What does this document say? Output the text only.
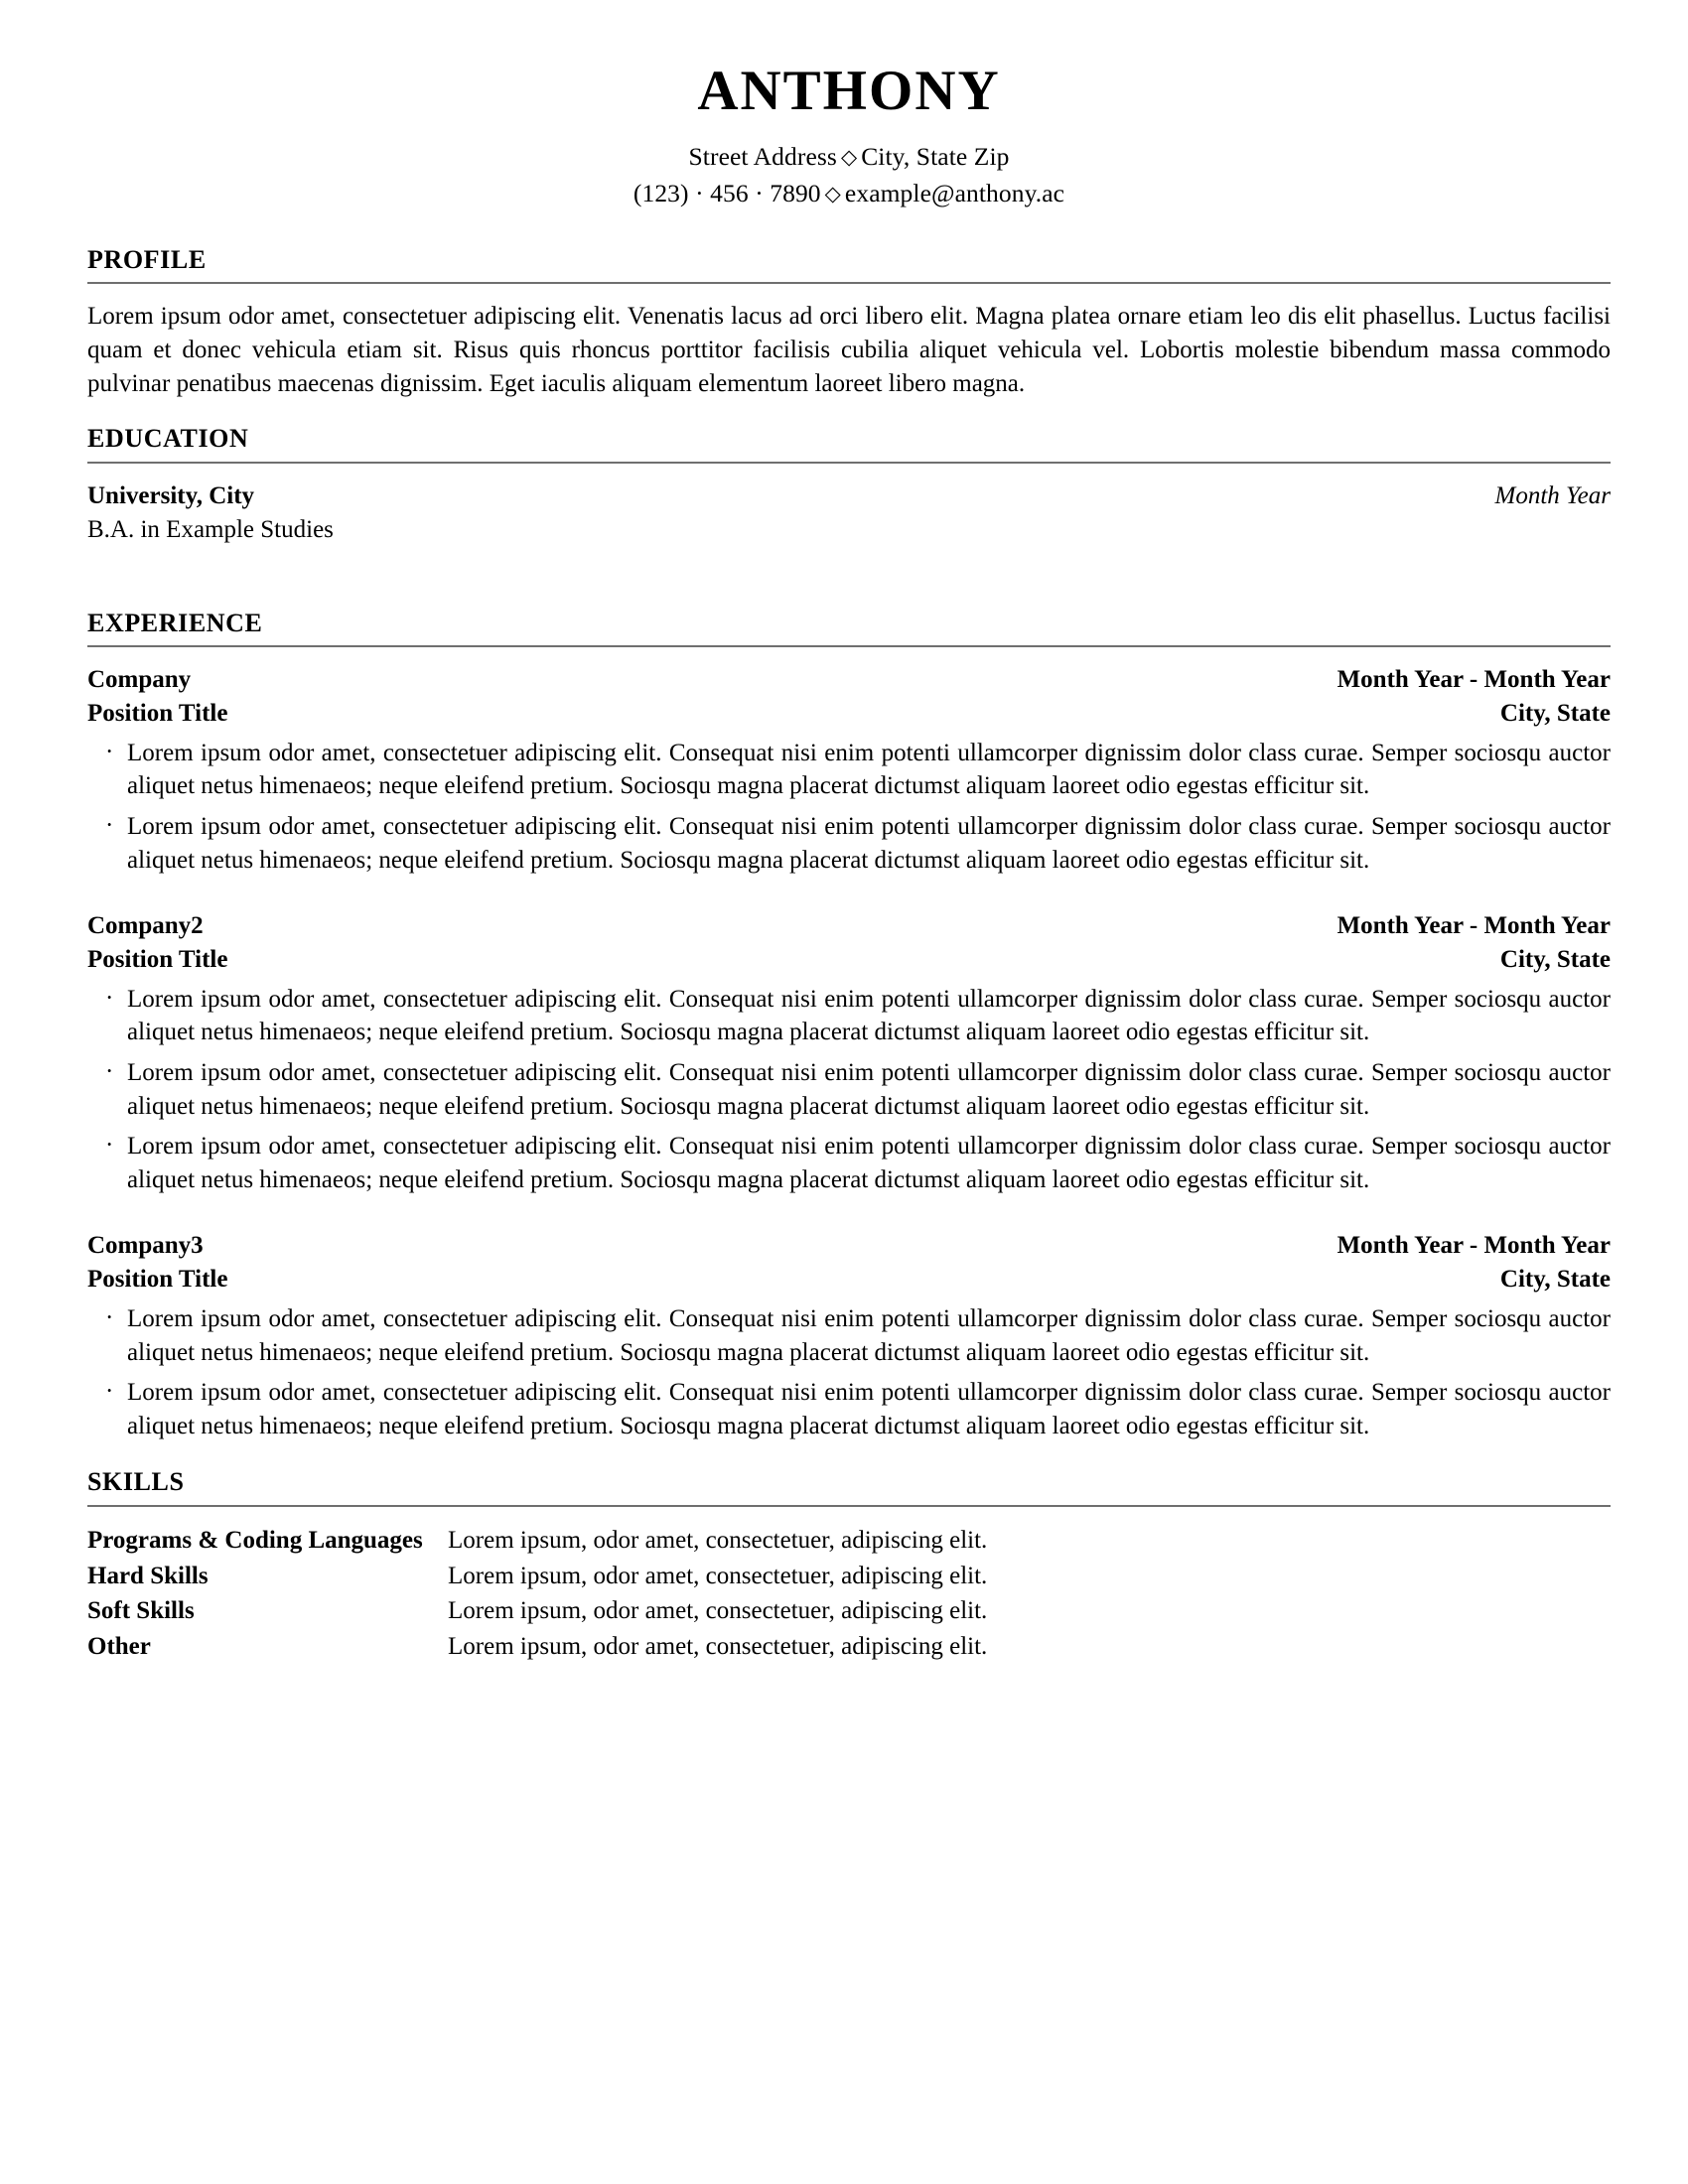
ANTHONY
Street Address ◇ City, State Zip
(123) · 456 · 7890 ◇ example@anthony.ac
PROFILE

Lorem ipsum odor amet, consectetuer adipiscing elit. Venenatis lacus ad orci libero elit. Magna platea ornare etiam leo dis elit phasellus. Luctus facilisi quam et donec vehicula etiam sit. Risus quis rhoncus porttitor facilisis cubilia aliquet vehicula vel. Lobortis molestie bibendum massa commodo pulvinar penatibus maecenas dignissim. Eget iaculis aliquam elementum laoreet libero magna.

EDUCATION
University, City	Month Year
B.A. in Example Studies
EXPERIENCE
Company	Month Year - Month Year
Position Title	City, State
· Lorem ipsum odor amet, consectetuer adipiscing elit. Consequat nisi enim potenti ullamcorper dignissim dolor class curae. Semper sociosqu auctor aliquet netus himenaeos; neque eleifend pretium. Sociosqu magna placerat dictumst aliquam laoreet odio egestas efficitur sit.
· Lorem ipsum odor amet, consectetuer adipiscing elit. Consequat nisi enim potenti ullamcorper dignissim dolor class curae. Semper sociosqu auctor aliquet netus himenaeos; neque eleifend pretium. Sociosqu magna placerat dictumst aliquam laoreet odio egestas efficitur sit.
Company2	Month Year - Month Year
Position Title	City, State
· Lorem ipsum odor amet, consectetuer adipiscing elit. Consequat nisi enim potenti ullamcorper dignissim dolor class curae. Semper sociosqu auctor aliquet netus himenaeos; neque eleifend pretium. Sociosqu magna placerat dictumst aliquam laoreet odio egestas efficitur sit.
· Lorem ipsum odor amet, consectetuer adipiscing elit. Consequat nisi enim potenti ullamcorper dignissim dolor class curae. Semper sociosqu auctor aliquet netus himenaeos; neque eleifend pretium. Sociosqu magna placerat dictumst aliquam laoreet odio egestas efficitur sit.
· Lorem ipsum odor amet, consectetuer adipiscing elit. Consequat nisi enim potenti ullamcorper dignissim dolor class curae. Semper sociosqu auctor aliquet netus himenaeos; neque eleifend pretium. Sociosqu magna placerat dictumst aliquam laoreet odio egestas efficitur sit.
Company3	Month Year - Month Year
Position Title	City, State
· Lorem ipsum odor amet, consectetuer adipiscing elit. Consequat nisi enim potenti ullamcorper dignissim dolor class curae. Semper sociosqu auctor aliquet netus himenaeos; neque eleifend pretium. Sociosqu magna placerat dictumst aliquam laoreet odio egestas efficitur sit.
· Lorem ipsum odor amet, consectetuer adipiscing elit. Consequat nisi enim potenti ullamcorper dignissim dolor class curae. Semper sociosqu auctor aliquet netus himenaeos; neque eleifend pretium. Sociosqu magna placerat dictumst aliquam laoreet odio egestas efficitur sit.
SKILLS
Programs & Coding Languages	Lorem ipsum, odor amet, consectetuer, adipiscing elit.
Hard Skills	Lorem ipsum, odor amet, consectetuer, adipiscing elit.
Soft Skills	Lorem ipsum, odor amet, consectetuer, adipiscing elit.
Other	Lorem ipsum, odor amet, consectetuer, adipiscing elit.
